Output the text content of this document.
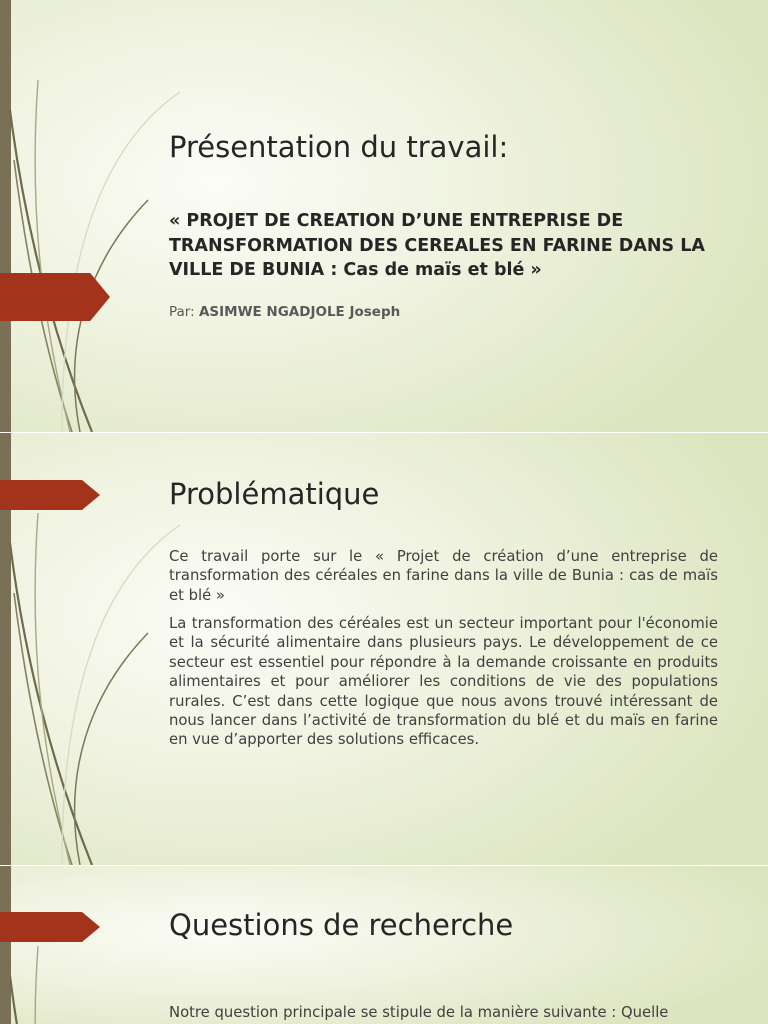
Présentation du travail:

« PROJET DE CREATION D’UNE ENTREPRISE DE TRANSFORMATION DES CEREALES EN FARINE DANS LA VILLE DE BUNIA : Cas de maïs et blé »

Par: ASIMWE NGADJOLE Joseph

Problématique

Ce travail porte sur le « Projet de création d’une entreprise de transformation des céréales en farine dans la ville de Bunia : cas de maïs et blé »

La transformation des céréales est un secteur important pour l'économie et la sécurité alimentaire dans plusieurs pays. Le développement de ce secteur est essentiel pour répondre à la demande croissante en produits alimentaires et pour améliorer les conditions de vie des populations rurales. C’est dans cette logique que nous avons trouvé intéressant de nous lancer dans l’activité de transformation du blé et du maïs en farine en vue d’apporter des solutions efficaces.

Questions de recherche

Notre question principale se stipule de la manière suivante : Quelle
